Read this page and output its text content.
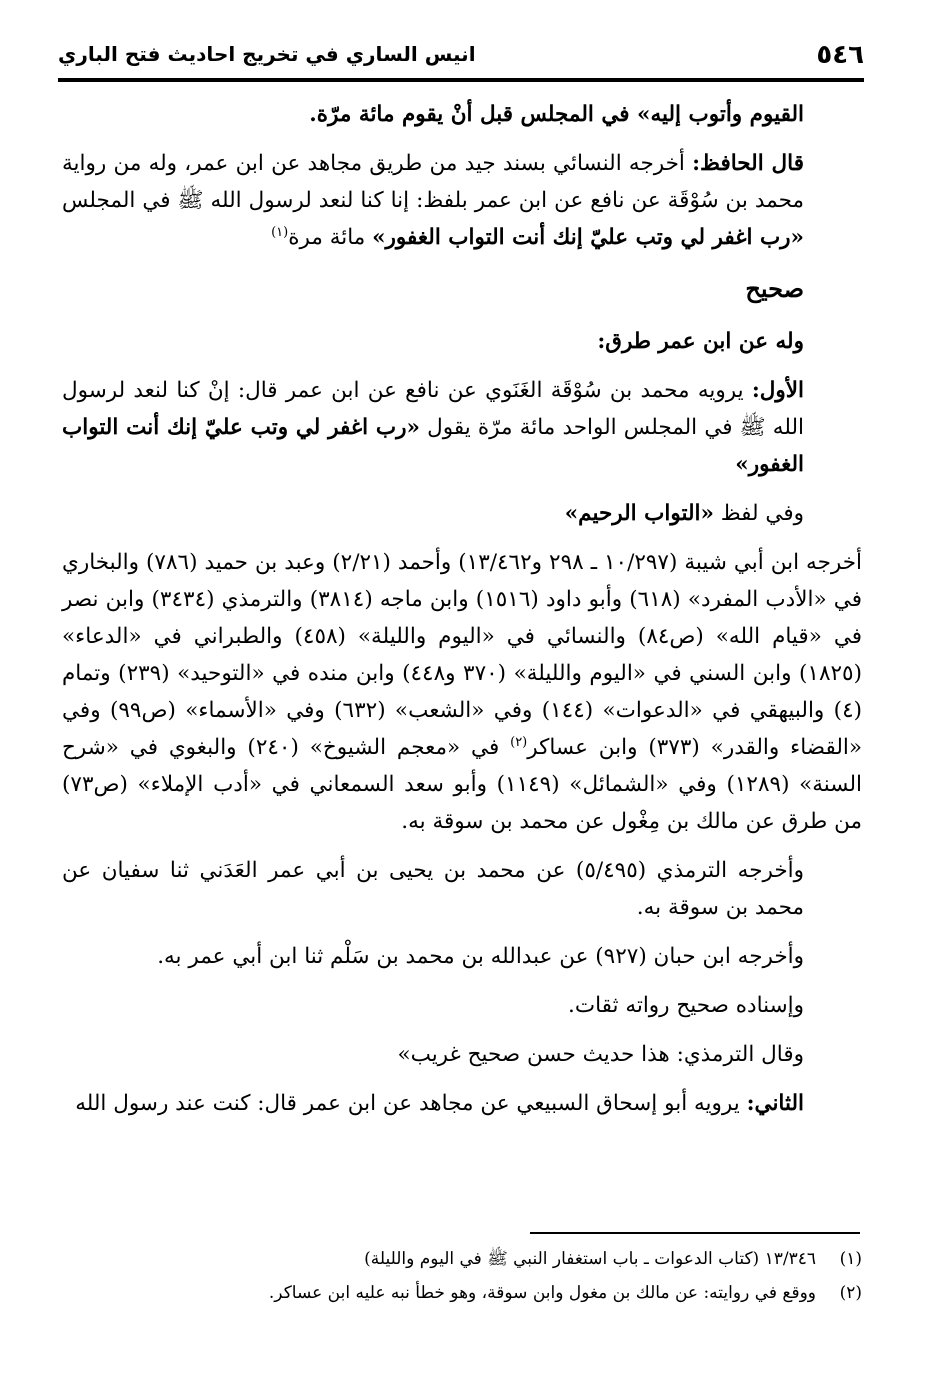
٥٤٦
انيس الساري في تخريج احاديث فتح الباري

القيوم وأتوب إليه» في المجلس قبل أنْ يقوم مائة مرّة.

قال الحافظ: أخرجه النسائي بسند جيد من طريق مجاهد عن ابن عمر، وله من رواية محمد بن سُوْقَة عن نافع عن ابن عمر بلفظ: إنا كنا لنعد لرسول الله ﷺ في المجلس «رب اغفر لي وتب عليّ إنك أنت التواب الغفور» مائة مرة$^{(١)}$

صحيح

وله عن ابن عمر طرق:

الأول: يرويه محمد بن سُوْقَة الغَنَوي عن نافع عن ابن عمر قال: إنْ كنا لنعد لرسول الله ﷺ في المجلس الواحد مائة مرّة يقول «رب اغفر لي وتب عليّ إنك أنت التواب الغفور»

وفي لفظ «التواب الرحيم»

أخرجه ابن أبي شيبة (١٠/٢٩٧ ـ ٢٩٨ و١٣/٤٦٢) وأحمد (٢/٢١) وعبد بن حميد (٧٨٦) والبخاري في «الأدب المفرد» (٦١٨) وأبو داود (١٥١٦) وابن ماجه (٣٨١٤) والترمذي (٣٤٣٤) وابن نصر في «قيام الله» (ص٨٤) والنسائي في «اليوم والليلة» (٤٥٨) والطبراني في «الدعاء» (١٨٢٥) وابن السني في «اليوم والليلة» (٣٧٠ و٤٤٨) وابن منده في «التوحيد» (٢٣٩) وتمام (٤) والبيهقي في «الدعوات» (١٤٤) وفي «الشعب» (٦٣٢) وفي «الأسماء» (ص٩٩) وفي «القضاء والقدر» (٣٧٣) وابن عساكر$^{(٢)}$ في «معجم الشيوخ» (٢٤٠) والبغوي في «شرح السنة» (١٢٨٩) وفي «الشمائل» (١١٤٩) وأبو سعد السمعاني في «أدب الإملاء» (ص٧٣) من طرق عن مالك بن مِغْول عن محمد بن سوقة به.

وأخرجه الترمذي (٥/٤٩٥) عن محمد بن يحيى بن أبي عمر العَدَني ثنا سفيان عن محمد بن سوقة به.

وأخرجه ابن حبان (٩٢٧) عن عبدالله بن محمد بن سَلْم ثنا ابن أبي عمر به.

وإسناده صحيح رواته ثقات.

وقال الترمذي: هذا حديث حسن صحيح غريب»

الثاني: يرويه أبو إسحاق السبيعي عن مجاهد عن ابن عمر قال: كنت عند رسول الله

(١)
١٣/٣٤٦ (كتاب الدعوات ـ باب استغفار النبي ﷺ في اليوم والليلة)
(٢)
ووقع في روايته: عن مالك بن مغول وابن سوقة، وهو خطأ نبه عليه ابن عساكر.
